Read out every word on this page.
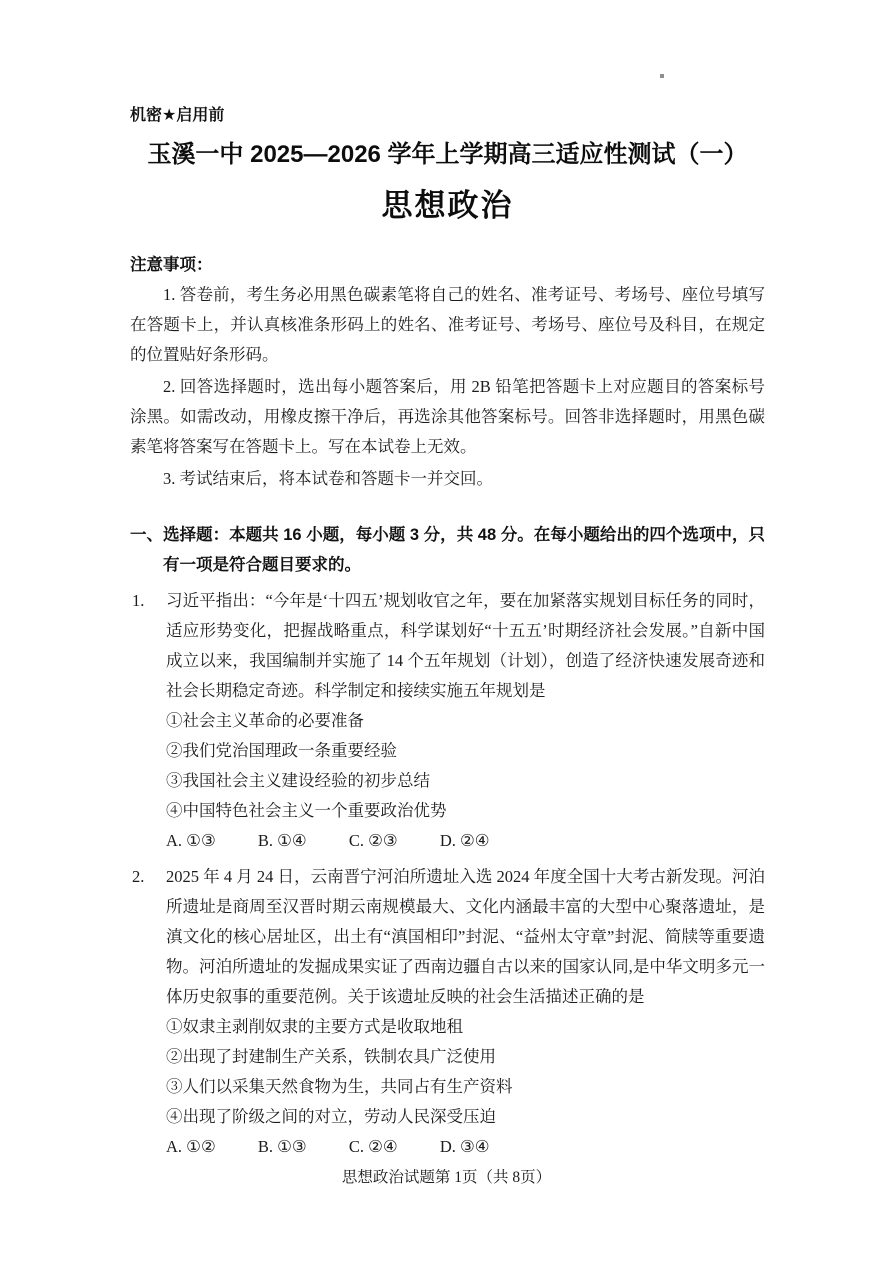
机密★启用前
玉溪一中 2025—2026 学年上学期高三适应性测试（一）
思想政治
注意事项：

1. 答卷前，考生务必用黑色碳素笔将自己的姓名、准考证号、考场号、座位号填写在答题卡上，并认真核准条形码上的姓名、准考证号、考场号、座位号及科目，在规定的位置贴好条形码。

2. 回答选择题时，选出每小题答案后，用 2B 铅笔把答题卡上对应题目的答案标号涂黑。如需改动，用橡皮擦干净后，再选涂其他答案标号。回答非选择题时，用黑色碳素笔将答案写在答题卡上。写在本试卷上无效。

3. 考试结束后，将本试卷和答题卡一并交回。

一、选择题：本题共 16 小题，每小题 3 分，共 48 分。在每小题给出的四个选项中，只有一项是符合题目要求的。
1.	习近平指出：“今年是‘十四五’规划收官之年，要在加紧落实规划目标任务的同时，适应形势变化，把握战略重点，科学谋划好“十五五’时期经济社会发展。”自新中国成立以来，我国编制并实施了 14 个五年规划（计划），创造了经济快速发展奇迹和社会长期稳定奇迹。科学制定和接续实施五年规划是
①社会主义革命的必要准备
②我们党治国理政一条重要经验
③我国社会主义建设经验的初步总结
④中国特色社会主义一个重要政治优势
A. ①③	B. ①④	C. ②③	D. ②④
2.	2025 年 4 月 24 日，云南晋宁河泊所遗址入选 2024 年度全国十大考古新发现。河泊所遗址是商周至汉晋时期云南规模最大、文化内涵最丰富的大型中心聚落遗址，是滇文化的核心居址区，出土有“滇国相印”封泥、“益州太守章”封泥、简牍等重要遗物。河泊所遗址的发掘成果实证了西南边疆自古以来的国家认同,是中华文明多元一体历史叙事的重要范例。关于该遗址反映的社会生活描述正确的是
①奴隶主剥削奴隶的主要方式是收取地租
②出现了封建制生产关系，铁制农具广泛使用
③人们以采集天然食物为生，共同占有生产资料
④出现了阶级之间的对立，劳动人民深受压迫
A. ①②	B. ①③	C. ②④	D. ③④
思想政治试题第 1页（共 8页）
